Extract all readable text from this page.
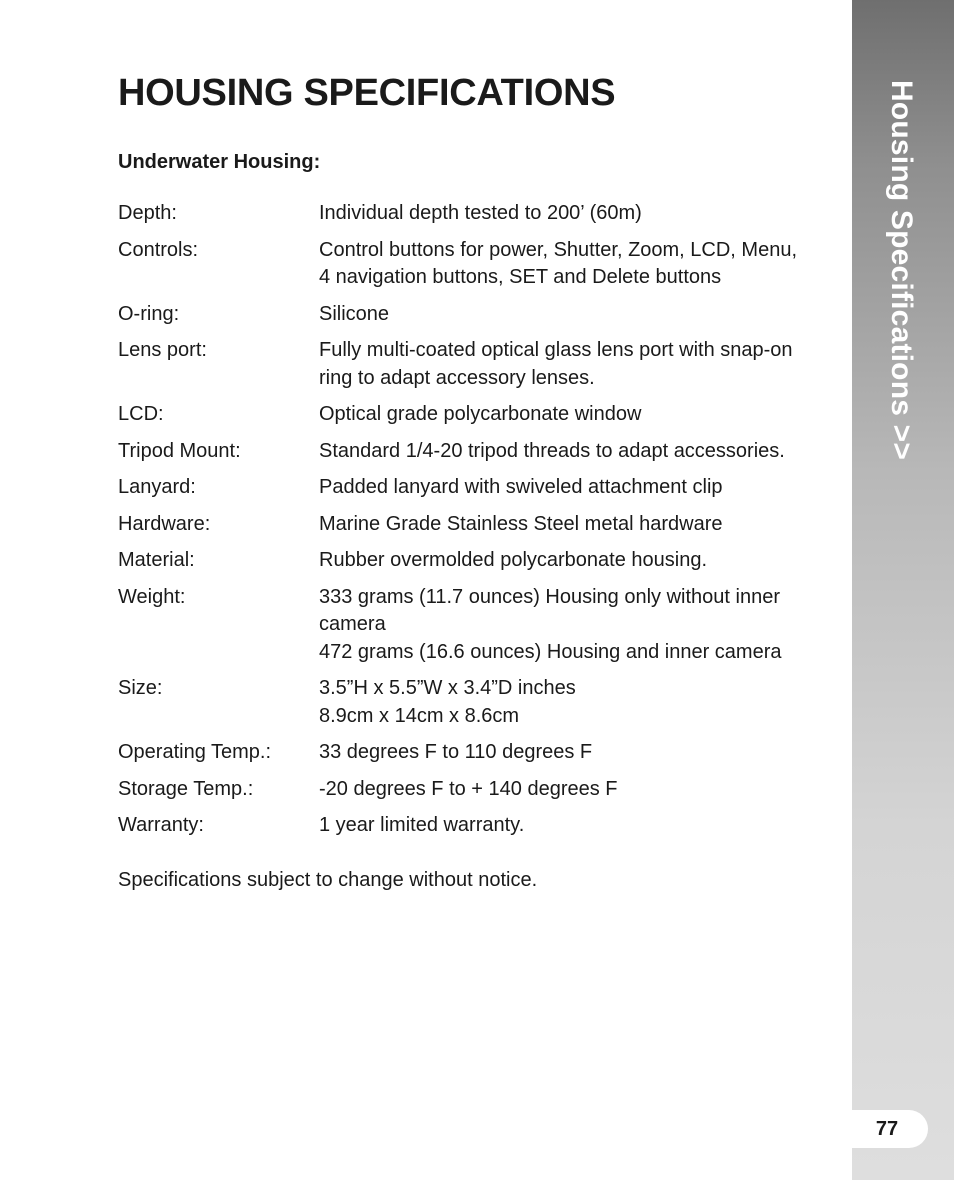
HOUSING SPECIFICATIONS
Underwater Housing:
Depth:	Individual depth tested to 200’ (60m)

Controls:	Control buttons for power, Shutter, Zoom, LCD, Menu,
4 navigation buttons, SET and Delete buttons

O-ring:	Silicone

Lens port:	Fully multi-coated optical glass lens port with snap-on
ring to adapt accessory lenses.

LCD:	Optical grade polycarbonate window

Tripod Mount:	Standard 1/4-20 tripod threads to adapt accessories.

Lanyard:	Padded lanyard with swiveled attachment clip

Hardware:	Marine Grade Stainless Steel metal hardware

Material:	Rubber overmolded polycarbonate housing.

Weight:	333 grams (11.7 ounces) Housing only without inner
camera
472 grams (16.6 ounces) Housing and inner camera

Size:	3.5”H x 5.5”W x 3.4”D inches
8.9cm x 14cm x 8.6cm

Operating Temp.:	33 degrees F to 110 degrees F

Storage Temp.:	-20 degrees F to + 140 degrees F

Warranty:	1 year limited warranty.

Specifications subject to change without notice.

Housing Specifications >>
77
